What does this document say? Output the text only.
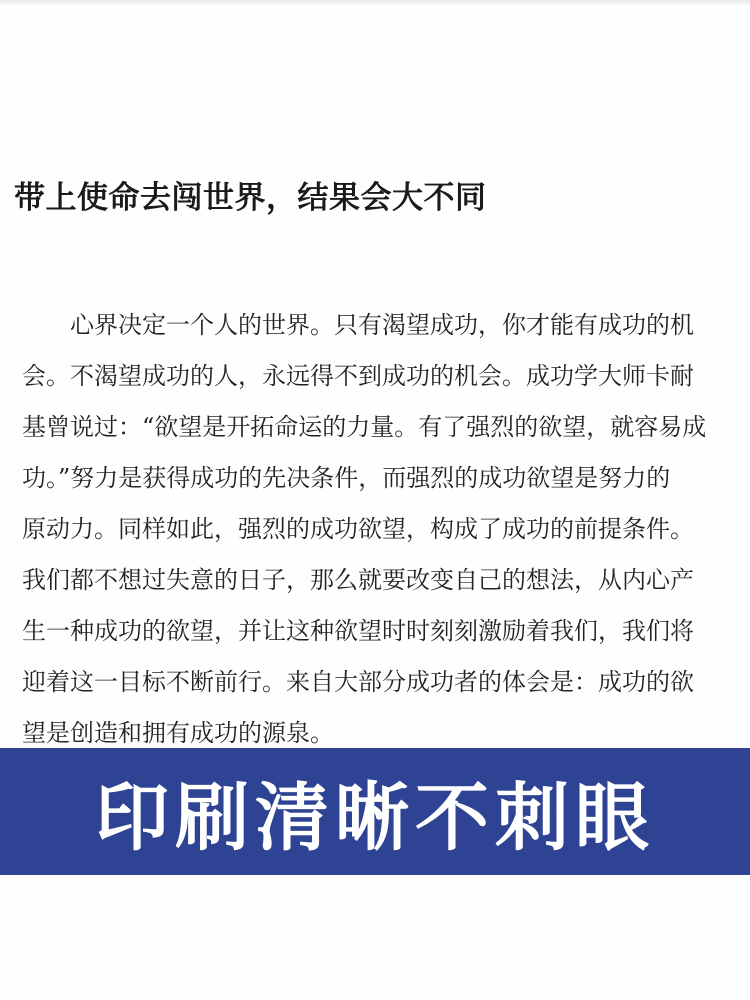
带上使命去闯世界，结果会大不同
心界决定一个人的世界。只有渴望成功，你才能有成功的机
会。不渴望成功的人，永远得不到成功的机会。成功学大师卡耐
基曾说过：“欲望是开拓命运的力量。有了强烈的欲望，就容易成
功。”努力是获得成功的先决条件，而强烈的成功欲望是努力的
原动力。同样如此，强烈的成功欲望，构成了成功的前提条件。
我们都不想过失意的日子，那么就要改变自己的想法，从内心产
生一种成功的欲望，并让这种欲望时时刻刻激励着我们，我们将
迎着这一目标不断前行。来自大部分成功者的体会是：成功的欲
望是创造和拥有成功的源泉。
印刷清晰不刺眼
